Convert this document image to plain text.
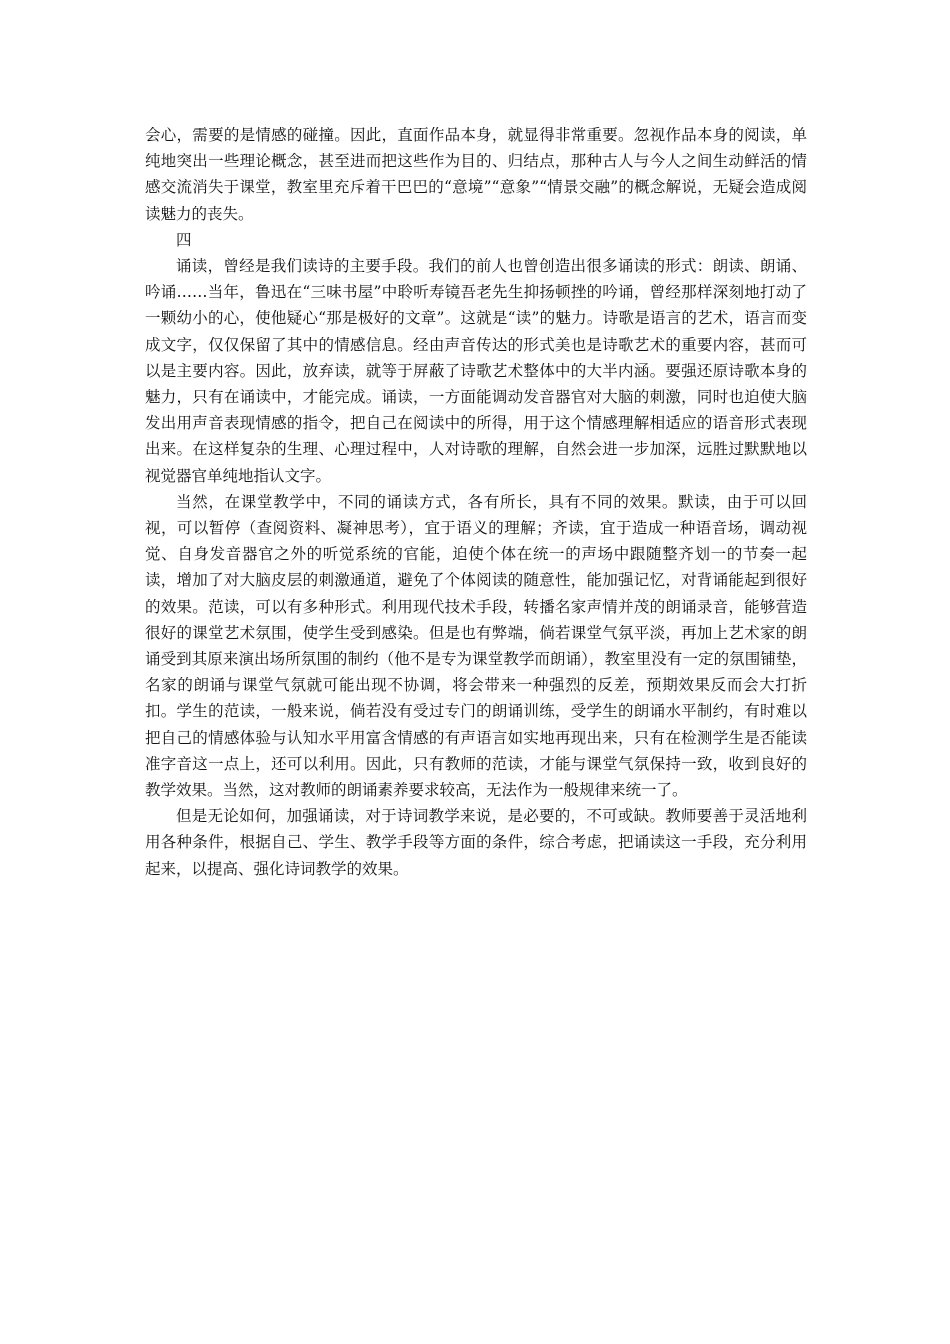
会心，需要的是情感的碰撞。因此，直面作品本身，就显得非常重要。忽视作品本身的阅读，单纯地突出一些理论概念，甚至进而把这些作为目的、归结点，那种古人与今人之间生动鲜活的情感交流消失于课堂，教室里充斥着干巴巴的“意境”“意象”“情景交融”的概念解说，无疑会造成阅读魅力的丧失。

四

诵读，曾经是我们读诗的主要手段。我们的前人也曾创造出很多诵读的形式：朗读、朗诵、吟诵……当年，鲁迅在“三味书屋”中聆听寿镜吾老先生抑扬顿挫的吟诵，曾经那样深刻地打动了一颗幼小的心，使他疑心“那是极好的文章”。这就是“读”的魅力。诗歌是语言的艺术，语言而变成文字，仅仅保留了其中的情感信息。经由声音传达的形式美也是诗歌艺术的重要内容，甚而可以是主要内容。因此，放弃读，就等于屏蔽了诗歌艺术整体中的大半内涵。要强还原诗歌本身的魅力，只有在诵读中，才能完成。诵读，一方面能调动发音器官对大脑的刺激，同时也迫使大脑发出用声音表现情感的指令，把自己在阅读中的所得，用于这个情感理解相适应的语音形式表现出来。在这样复杂的生理、心理过程中，人对诗歌的理解，自然会进一步加深，远胜过默默地以视觉器官单纯地指认文字。

当然，在课堂教学中，不同的诵读方式，各有所长，具有不同的效果。默读，由于可以回视，可以暂停（查阅资料、凝神思考），宜于语义的理解；齐读，宜于造成一种语音场，调动视觉、自身发音器官之外的听觉系统的官能，迫使个体在统一的声场中跟随整齐划一的节奏一起读，增加了对大脑皮层的刺激通道，避免了个体阅读的随意性，能加强记忆，对背诵能起到很好的效果。范读，可以有多种形式。利用现代技术手段，转播名家声情并茂的朗诵录音，能够营造很好的课堂艺术氛围，使学生受到感染。但是也有弊端，倘若课堂气氛平淡，再加上艺术家的朗诵受到其原来演出场所氛围的制约（他不是专为课堂教学而朗诵），教室里没有一定的氛围铺垫，名家的朗诵与课堂气氛就可能出现不协调，将会带来一种强烈的反差，预期效果反而会大打折扣。学生的范读，一般来说，倘若没有受过专门的朗诵训练，受学生的朗诵水平制约，有时难以把自己的情感体验与认知水平用富含情感的有声语言如实地再现出来，只有在检测学生是否能读准字音这一点上，还可以利用。因此，只有教师的范读，才能与课堂气氛保持一致，收到良好的教学效果。当然，这对教师的朗诵素养要求较高，无法作为一般规律来统一了。

但是无论如何，加强诵读，对于诗词教学来说，是必要的，不可或缺。教师要善于灵活地利用各种条件，根据自己、学生、教学手段等方面的条件，综合考虑，把诵读这一手段，充分利用起来，以提高、强化诗词教学的效果。
